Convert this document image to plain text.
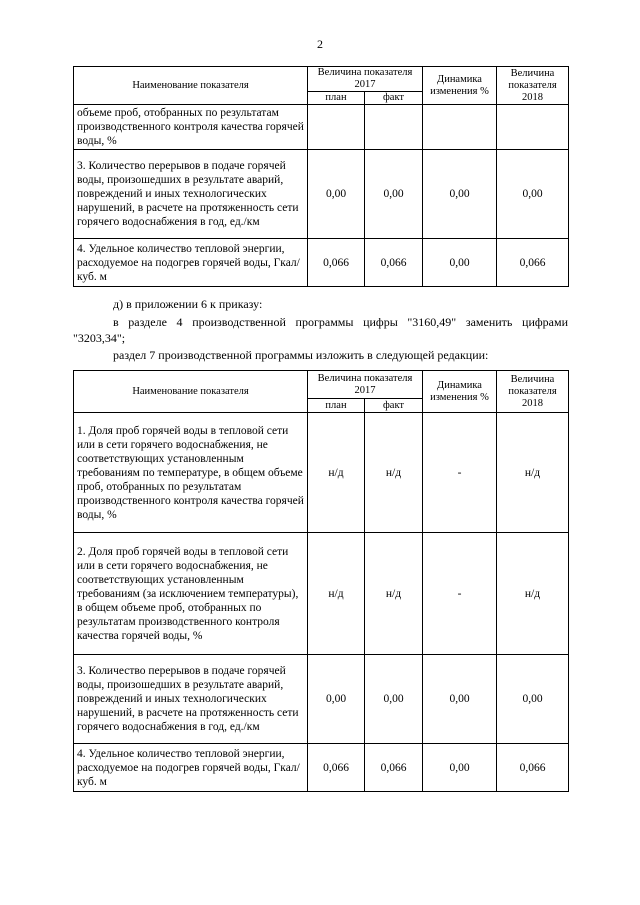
2
Наименование показателя	Величина показателя 2017		Динамика изменения %	Величина показателя 2018
	план	факт		
объеме проб, отобранных по результатам производственного контроля качества горячей воды, %				
3. Количество перерывов в подаче горячей воды, произошедших в результате аварий, повреждений и иных технологических нарушений, в расчете на протяженность сети горячего водоснабжения в год, ед./км	0,00	0,00	0,00	0,00
4. Удельное количество тепловой энергии, расходуемое на подогрев горячей воды, Гкал/куб. м	0,066	0,066	0,00	0,066
д) в приложении 6 к приказу:
в разделе 4 производственной программы цифры "3160,49" заменить цифрами "3203,34";
раздел 7 производственной программы изложить в следующей редакции:
Наименование показателя	Величина показателя 2017		Динамика изменения %	Величина показателя 2018
	план	факт		
1. Доля проб горячей воды в тепловой сети или в сети горячего водоснабжения, не соответствующих установленным требованиям по температуре, в общем объеме проб, отобранных по результатам производственного контроля качества горячей воды, %	н/д	н/д	-	н/д
2. Доля проб горячей воды в тепловой сети или в сети горячего водоснабжения, не соответствующих установленным требованиям (за исключением температуры), в общем объеме проб, отобранных по результатам производственного контроля качества горячей воды, %	н/д	н/д	-	н/д
3. Количество перерывов в подаче горячей воды, произошедших в результате аварий, повреждений и иных технологических нарушений, в расчете на протяженность сети горячего водоснабжения в год, ед./км	0,00	0,00	0,00	0,00
4. Удельное количество тепловой энергии, расходуемое на подогрев горячей воды, Гкал/куб. м	0,066	0,066	0,00	0,066
